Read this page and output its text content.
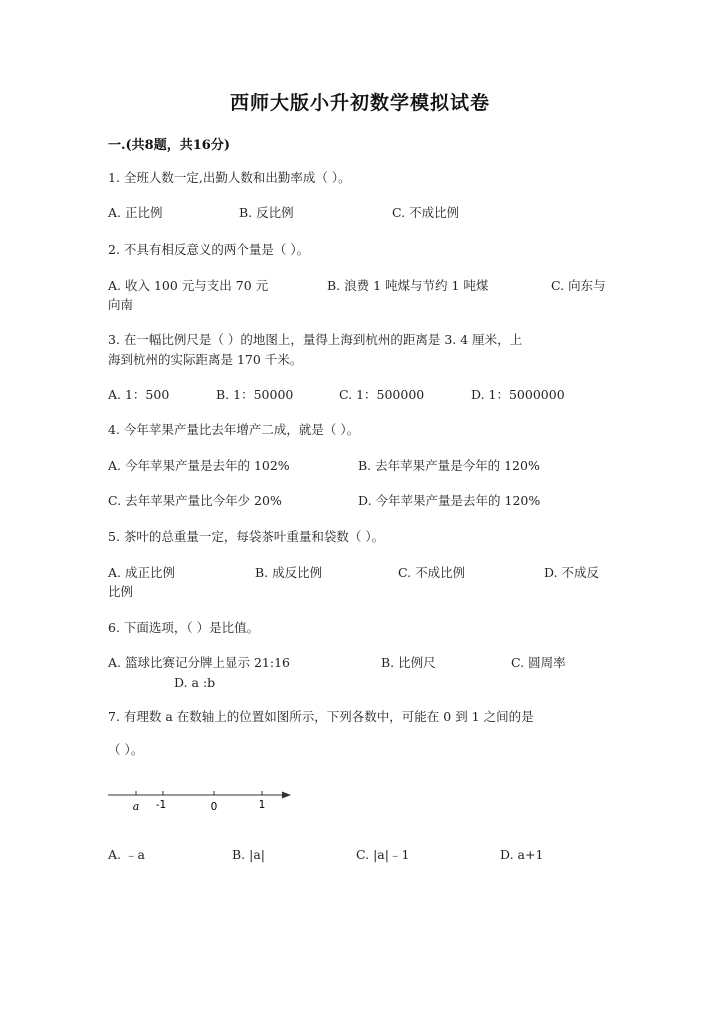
西师大版小升初数学模拟试卷
一.(共8题，共16分)
1. 全班人数一定,出勤人数和出勤率成（ ）。
A. 正比例	B. 反比例	C. 不成比例
2. 不具有相反意义的两个量是（ ）。
A. 收入 100 元与支出 70 元	B. 浪费 1 吨煤与节约 1 吨煤	C. 向东与
向南
3. 在一幅比例尺是（ ）的地图上，量得上海到杭州的距离是 3. 4 厘米，上
海到杭州的实际距离是 170 千米。
A. 1：500	B. 1：50000	C. 1：500000	D. 1：5000000
4. 今年苹果产量比去年增产二成，就是（ ）。
A. 今年苹果产量是去年的 102%	B. 去年苹果产量是今年的 120%
C. 去年苹果产量比今年少 20%	D. 今年苹果产量是去年的 120%
5. 茶叶的总重量一定，每袋茶叶重量和袋数（ ）。
A. 成正比例	B. 成反比例	C. 不成比例	D. 不成反
比例
6. 下面选项，（ ）是比值。
A. 篮球比赛记分牌上显示 21:16	B. 比例尺	C. 圆周率
D. a :b
7. 有理数 a 在数轴上的位置如图所示，下列各数中，可能在 0 到 1 之间的是
（ ）。
a -1	0	1
A. ﹣a	B. |a|	C. |a|﹣1	D. a+1
